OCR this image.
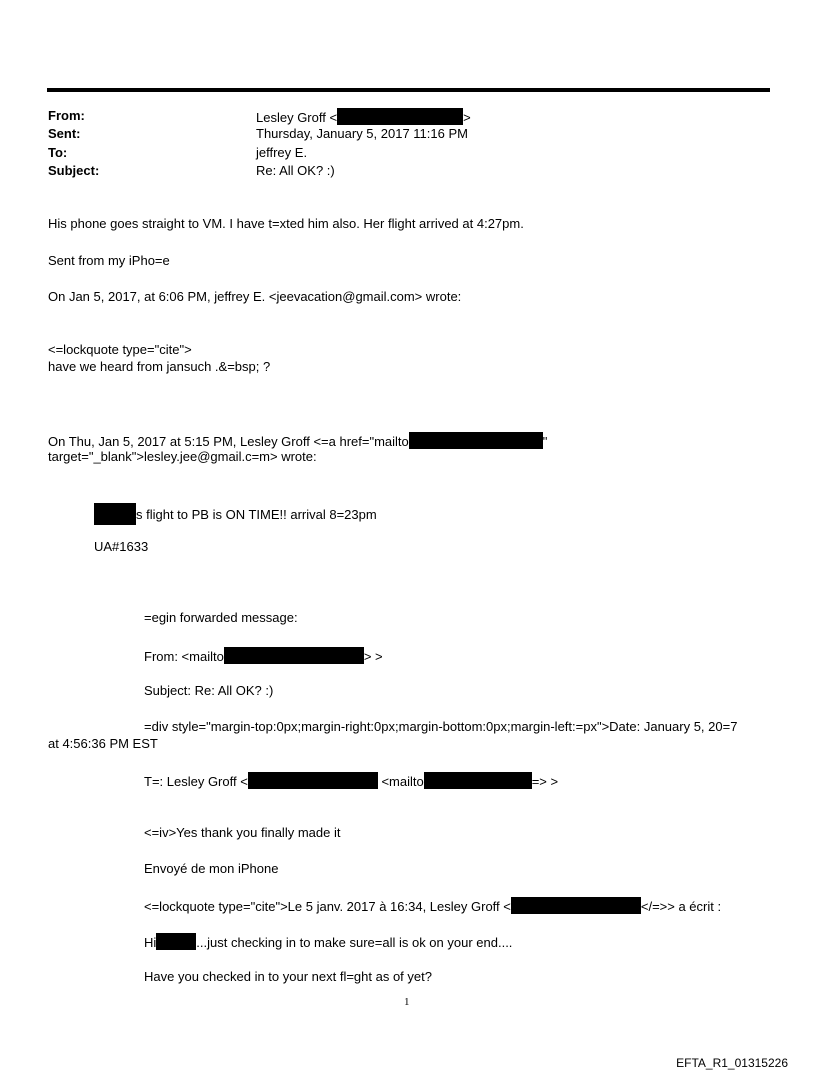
From:	Lesley Groff <	>
Sent:	Thursday, January 5, 2017 11:16 PM
To:	jeffrey E.
Subject:	Re: All OK? :)
His phone goes straight to VM. I have t=xted him also. Her flight arrived at 4:27pm.
Sent from my iPho=e
On Jan 5, 2017, at 6:06 PM, jeffrey E. <jeevacation@gmail.com> wrote:
<=lockquote type="cite">
have we heard from jansuch .&=bsp; ?
On Thu, Jan 5, 2017 at 5:15 PM, Lesley Groff <=a href="mailto	"
target="_blank">lesley.jee@gmail.c=m> wrote:
s flight to PB is ON TIME!! arrival 8=23pm
UA#1633
=egin forwarded message:
From: <mailto	> >
Subject: Re: All OK? :)
=div style="margin-top:0px;margin-right:0px;margin-bottom:0px;margin-left:=px">Date: January 5, 20=7
at 4:56:36 PM EST
T=: Lesley Groff <	<mailto	=> >
<=iv>Yes thank you finally made it
Envoyé de mon iPhone
<=lockquote type="cite">Le 5 janv. 2017 à 16:34, Lesley Groff <	</=>> a écrit :
Hi	...just checking in to make sure=all is ok on your end....
Have you checked in to your next fl=ght as of yet?
1
EFTA_R1_01315226
